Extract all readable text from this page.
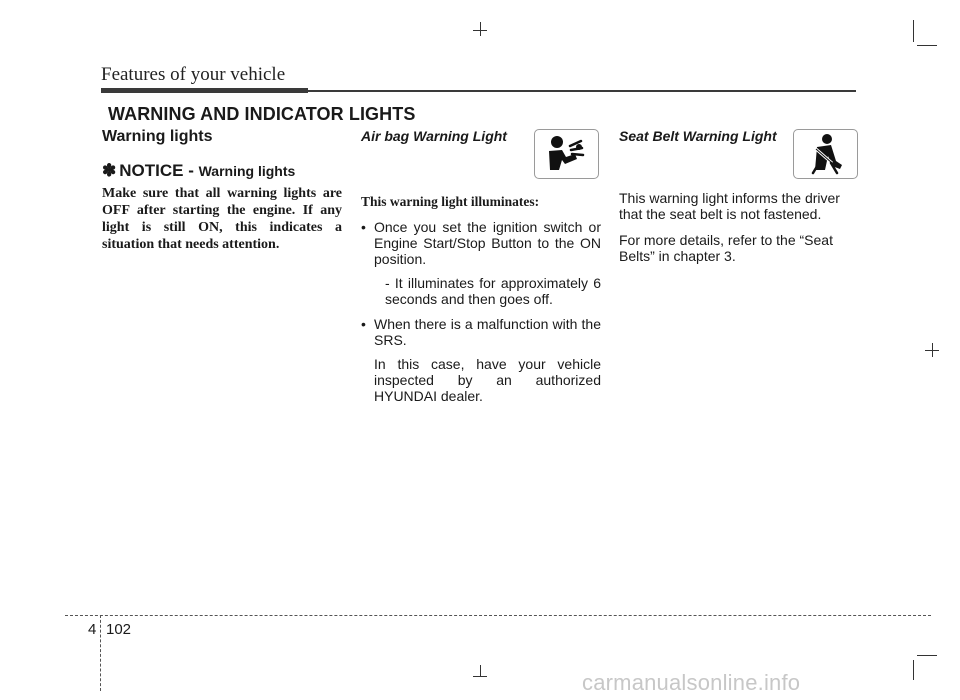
Features of your vehicle
WARNING AND INDICATOR LIGHTS
Warning lights
✽ NOTICE - Warning lights
Make sure that all warning lights are OFF after starting the engine. If any light is still ON, this indicates a situation that needs attention.
Air bag Warning Light
This warning light illuminates:
• Once you set the ignition switch or Engine Start/Stop Button to the ON position.
- It illuminates for approximately 6 seconds and then goes off.
• When there is a malfunction with the SRS.
In this case, have your vehicle inspected by an authorized HYUNDAI dealer.
Seat Belt Warning Light
This warning light informs the driver that the seat belt is not fastened.
For more details, refer to the “Seat Belts” in chapter 3.
4 102
carmanualsonline.info
